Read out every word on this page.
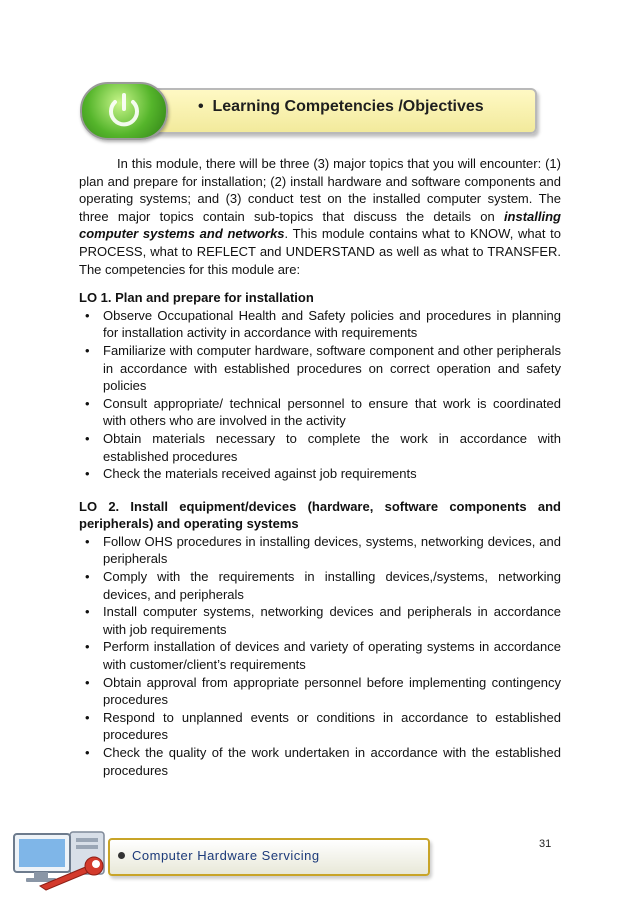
• Learning Competencies /Objectives

In this module, there will be three (3) major topics that you will encounter: (1) plan and prepare for installation; (2) install hardware and software components and operating systems; and (3) conduct test on the installed computer system. The three major topics contain sub-topics that discuss the details on installing computer systems and networks. This module contains what to KNOW, what to PROCESS, what to REFLECT and UNDERSTAND as well as what to TRANSFER. The competencies for this module are:

LO 1. Plan and prepare for installation

• Observe Occupational Health and Safety policies and procedures in planning for installation activity in accordance with requirements
• Familiarize with computer hardware, software component and other peripherals in accordance with established procedures on correct operation and safety policies
• Consult appropriate/ technical personnel to ensure that work is coordinated with others who are involved in the activity
• Obtain materials necessary to complete the work in accordance with established procedures
• Check the materials received against job requirements

LO 2. Install equipment/devices (hardware, software components and peripherals) and operating systems

• Follow OHS procedures in installing devices, systems, networking devices, and peripherals
• Comply with the requirements in installing devices,/systems, networking devices, and peripherals
• Install computer systems, networking devices and peripherals in accordance with job requirements
• Perform installation of devices and variety of operating systems in accordance with customer/client’s requirements
• Obtain approval from appropriate personnel before implementing contingency procedures
• Respond to unplanned events or conditions in accordance to established procedures
• Check the quality of the work undertaken in accordance with the established procedures
31
Computer Hardware Servicing
